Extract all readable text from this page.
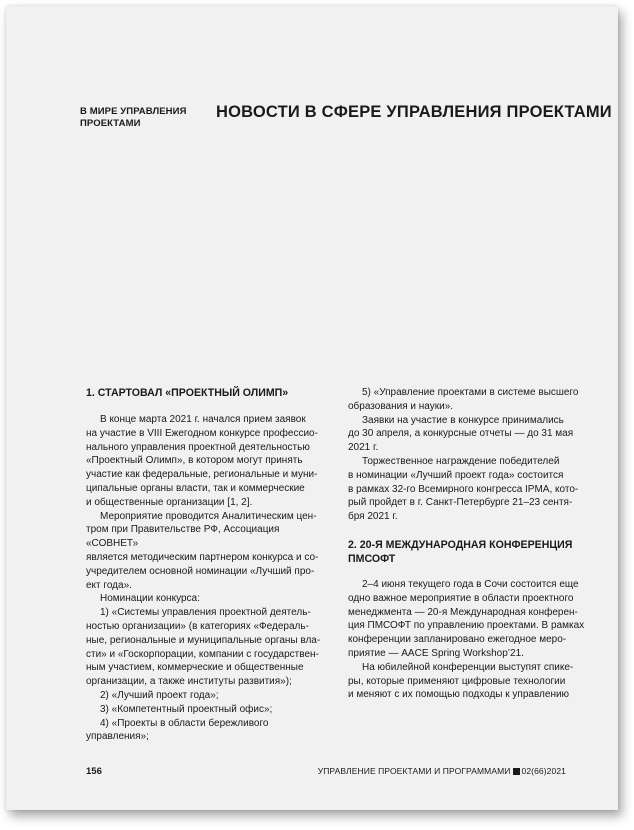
В МИРЕ УПРАВЛЕНИЯ ПРОЕКТАМИ
НОВОСТИ В СФЕРЕ УПРАВЛЕНИЯ ПРОЕКТАМИ
1. СТАРТОВАЛ «ПРОЕКТНЫЙ ОЛИМП»
В конце марта 2021 г. начался прием заявок
на участие в VIII Ежегодном конкурсе профессио-
нального управления проектной деятельностью
«Проектный Олимп», в котором могут принять
участие как федеральные, региональные и муни-
ципальные органы власти, так и коммерческие
и общественные организации [1, 2].
Мероприятие проводится Аналитическим цен-
тром при Правительстве РФ, Ассоциация «СОВНЕТ»
является методическим партнером конкурса и со-
учредителем основной номинации «Лучший про-
ект года».
Номинации конкурса:
1) «Системы управления проектной деятель-
ностью организации» (в категориях «Федераль-
ные, региональные и муниципальные органы вла-
сти» и «Госкорпорации, компании с государствен-
ным участием, коммерческие и общественные
организации, а также институты развития»);
2) «Лучший проект года»;
3) «Компетентный проектный офис»;
4) «Проекты в области бережливого управления»;
5) «Управление проектами в системе высшего
образования и науки».
Заявки на участие в конкурсе принимались
до 30 апреля, а конкурсные отчеты — до 31 мая
2021 г.
Торжественное награждение победителей
в номинации «Лучший проект года» состоится
в рамках 32-го Всемирного конгресса IPMA, кото-
рый пройдет в г. Санкт-Петербурге 21–23 сентя-
бря 2021 г.
2. 20-Я МЕЖДУНАРОДНАЯ КОНФЕРЕНЦИЯ
ПМСОФТ
2–4 июня текущего года в Сочи состоится еще
одно важное мероприятие в области проектного
менеджмента — 20-я Международная конферен-
ция ПМСОФТ по управлению проектами. В рамках
конференции запланировано ежегодное меро-
приятие — AACE Spring Workshop’21.
На юбилейной конференции выступят спике-
ры, которые применяют цифровые технологии
и меняют с их помощью подходы к управлению
156	УПРАВЛЕНИЕ ПРОЕКТАМИ И ПРОГРАММАМИ 02(66)2021
